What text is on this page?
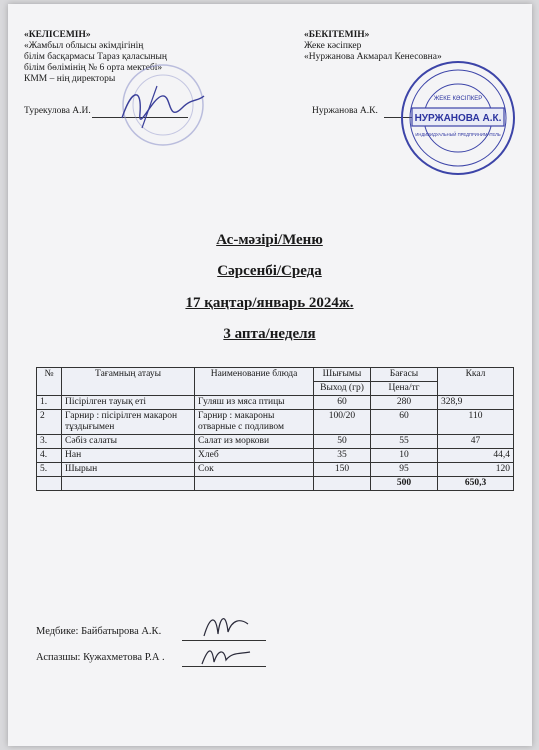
«КЕЛІСЕМІН»
«Жамбыл облысы әкімдігінің
білім басқармасы Тараз қаласының
білім бөлімінің № 6 орта мектебі»
КММ – нің директоры
Турекулова А.И.
«БЕКІТЕМІН»
Жеке кәсіпкер
«Нуржанова Акмарал Кенесовна»
Нуржанова А.К.
НУРЖАНОВА А.К.
ЖЕКЕ КӘСІПКЕР
ИНДИВИДУАЛЬНЫЙ ПРЕДПРИНИМАТЕЛЬ
Ас-мәзірі/Меню
Сәрсенбі/Среда
17 қаңтар/январь 2024ж.
3 апта/неделя
№	Тағамның атауы	Наименование блюда	Шығымы	Бағасы	Ккал
			Выход (гр)	Цена/тг	
1.	Пісірілген тауық еті	Гуляш из мяса птицы	60	280	328,9
2	Гарнир : пісірілген макарон тұздығымен	Гарнир : макароны отварные с подливом	100/20	60	110
3.	Сәбіз салаты	Салат из моркови	50	55	47
4.	Нан	Хлеб	35	10	44,4
5.	Шырын	Сок	150	95	120
				500	650,3
Медбике: Байбатырова А.К.
Аспазшы: Кужахметова Р.А .
